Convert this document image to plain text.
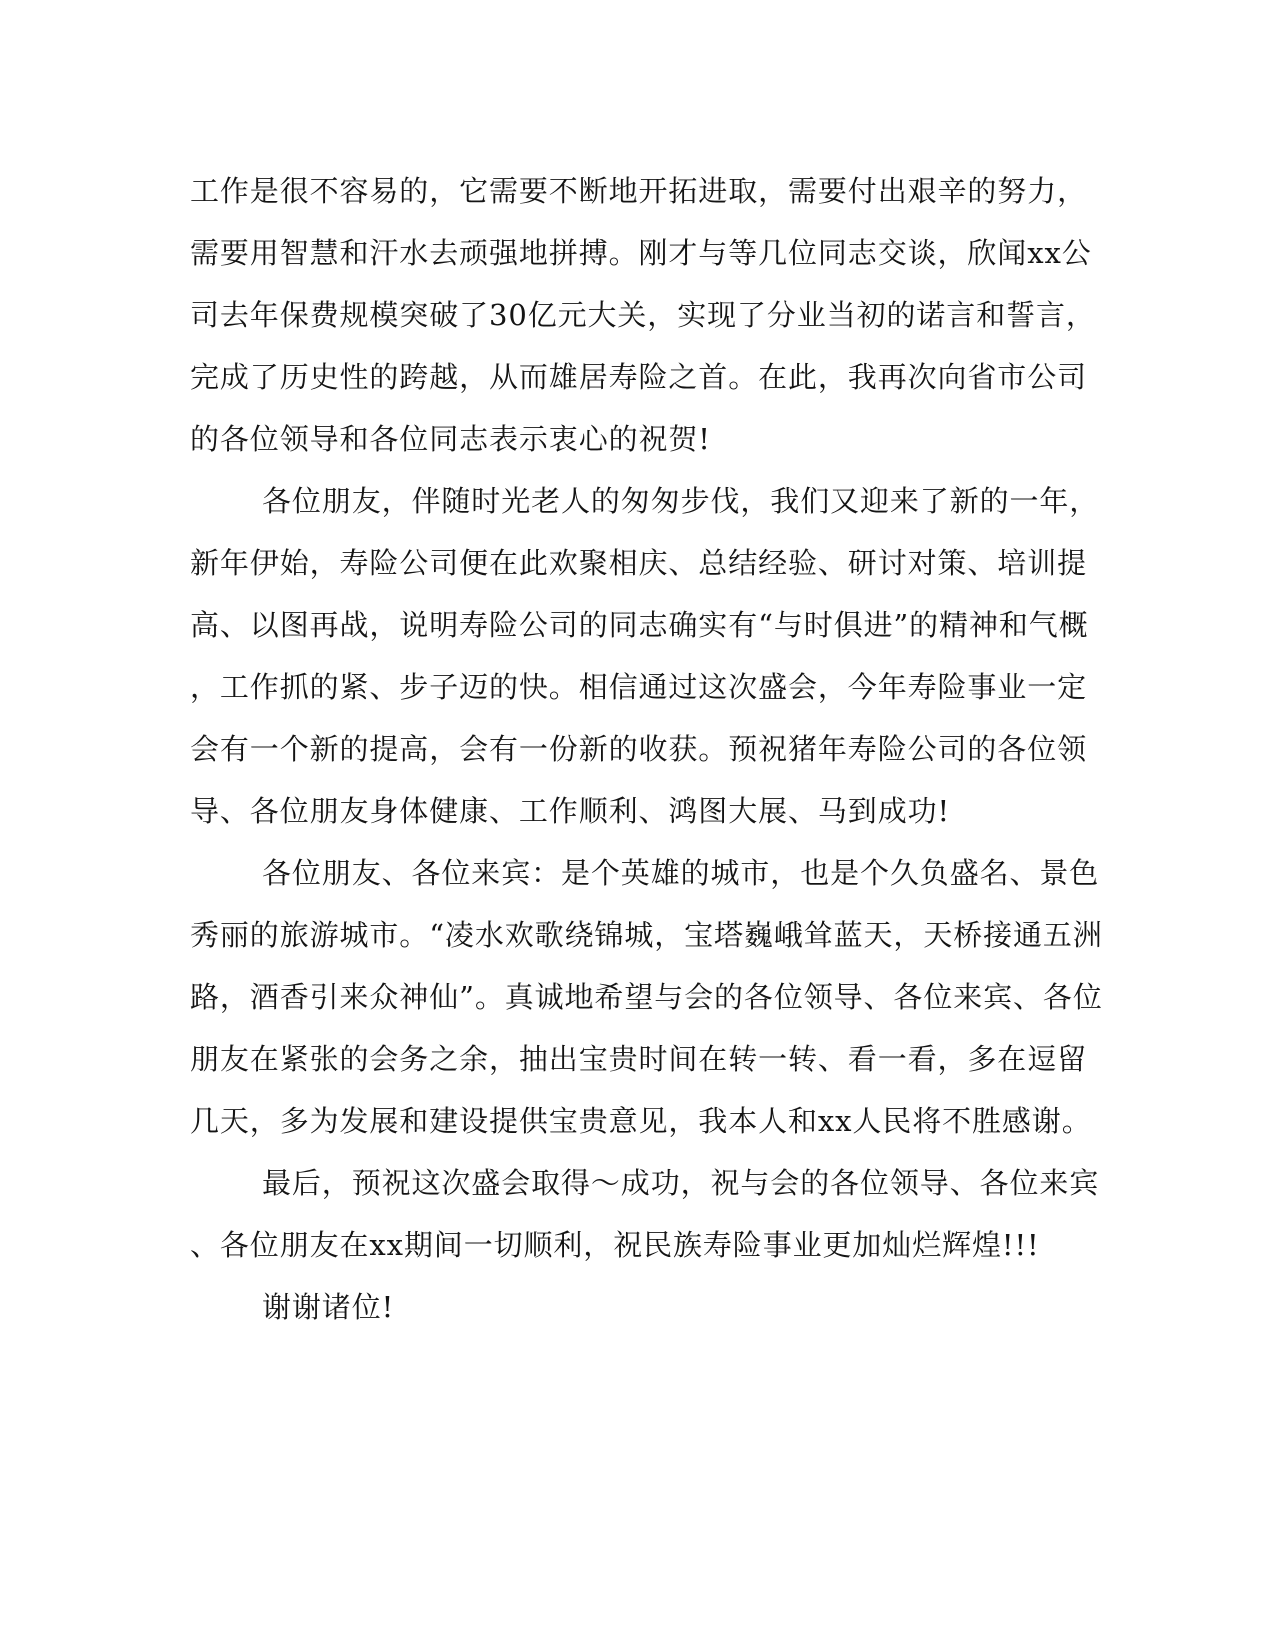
工作是很不容易的，它需要不断地开拓进取，需要付出艰辛的努力，
需要用智慧和汗水去顽强地拼搏。刚才与等几位同志交谈，欣闻xx公
司去年保费规模突破了30亿元大关，实现了分业当初的诺言和誓言，
完成了历史性的跨越，从而雄居寿险之首。在此，我再次向省市公司
的各位领导和各位同志表示衷心的祝贺!
各位朋友，伴随时光老人的匆匆步伐，我们又迎来了新的一年，
新年伊始，寿险公司便在此欢聚相庆、总结经验、研讨对策、培训提
高、以图再战，说明寿险公司的同志确实有“与时俱进”的精神和气概
，工作抓的紧、步子迈的快。相信通过这次盛会，今年寿险事业一定
会有一个新的提高，会有一份新的收获。预祝猪年寿险公司的各位领
导、各位朋友身体健康、工作顺利、鸿图大展、马到成功!
各位朋友、各位来宾：是个英雄的城市，也是个久负盛名、景色
秀丽的旅游城市。“凌水欢歌绕锦城，宝塔巍峨耸蓝天，天桥接通五洲
路，酒香引来众神仙”。真诚地希望与会的各位领导、各位来宾、各位
朋友在紧张的会务之余，抽出宝贵时间在转一转、看一看，多在逗留
几天，多为发展和建设提供宝贵意见，我本人和xx人民将不胜感谢。
最后，预祝这次盛会取得～成功，祝与会的各位领导、各位来宾
、各位朋友在xx期间一切顺利，祝民族寿险事业更加灿烂辉煌!!!
谢谢诸位!
